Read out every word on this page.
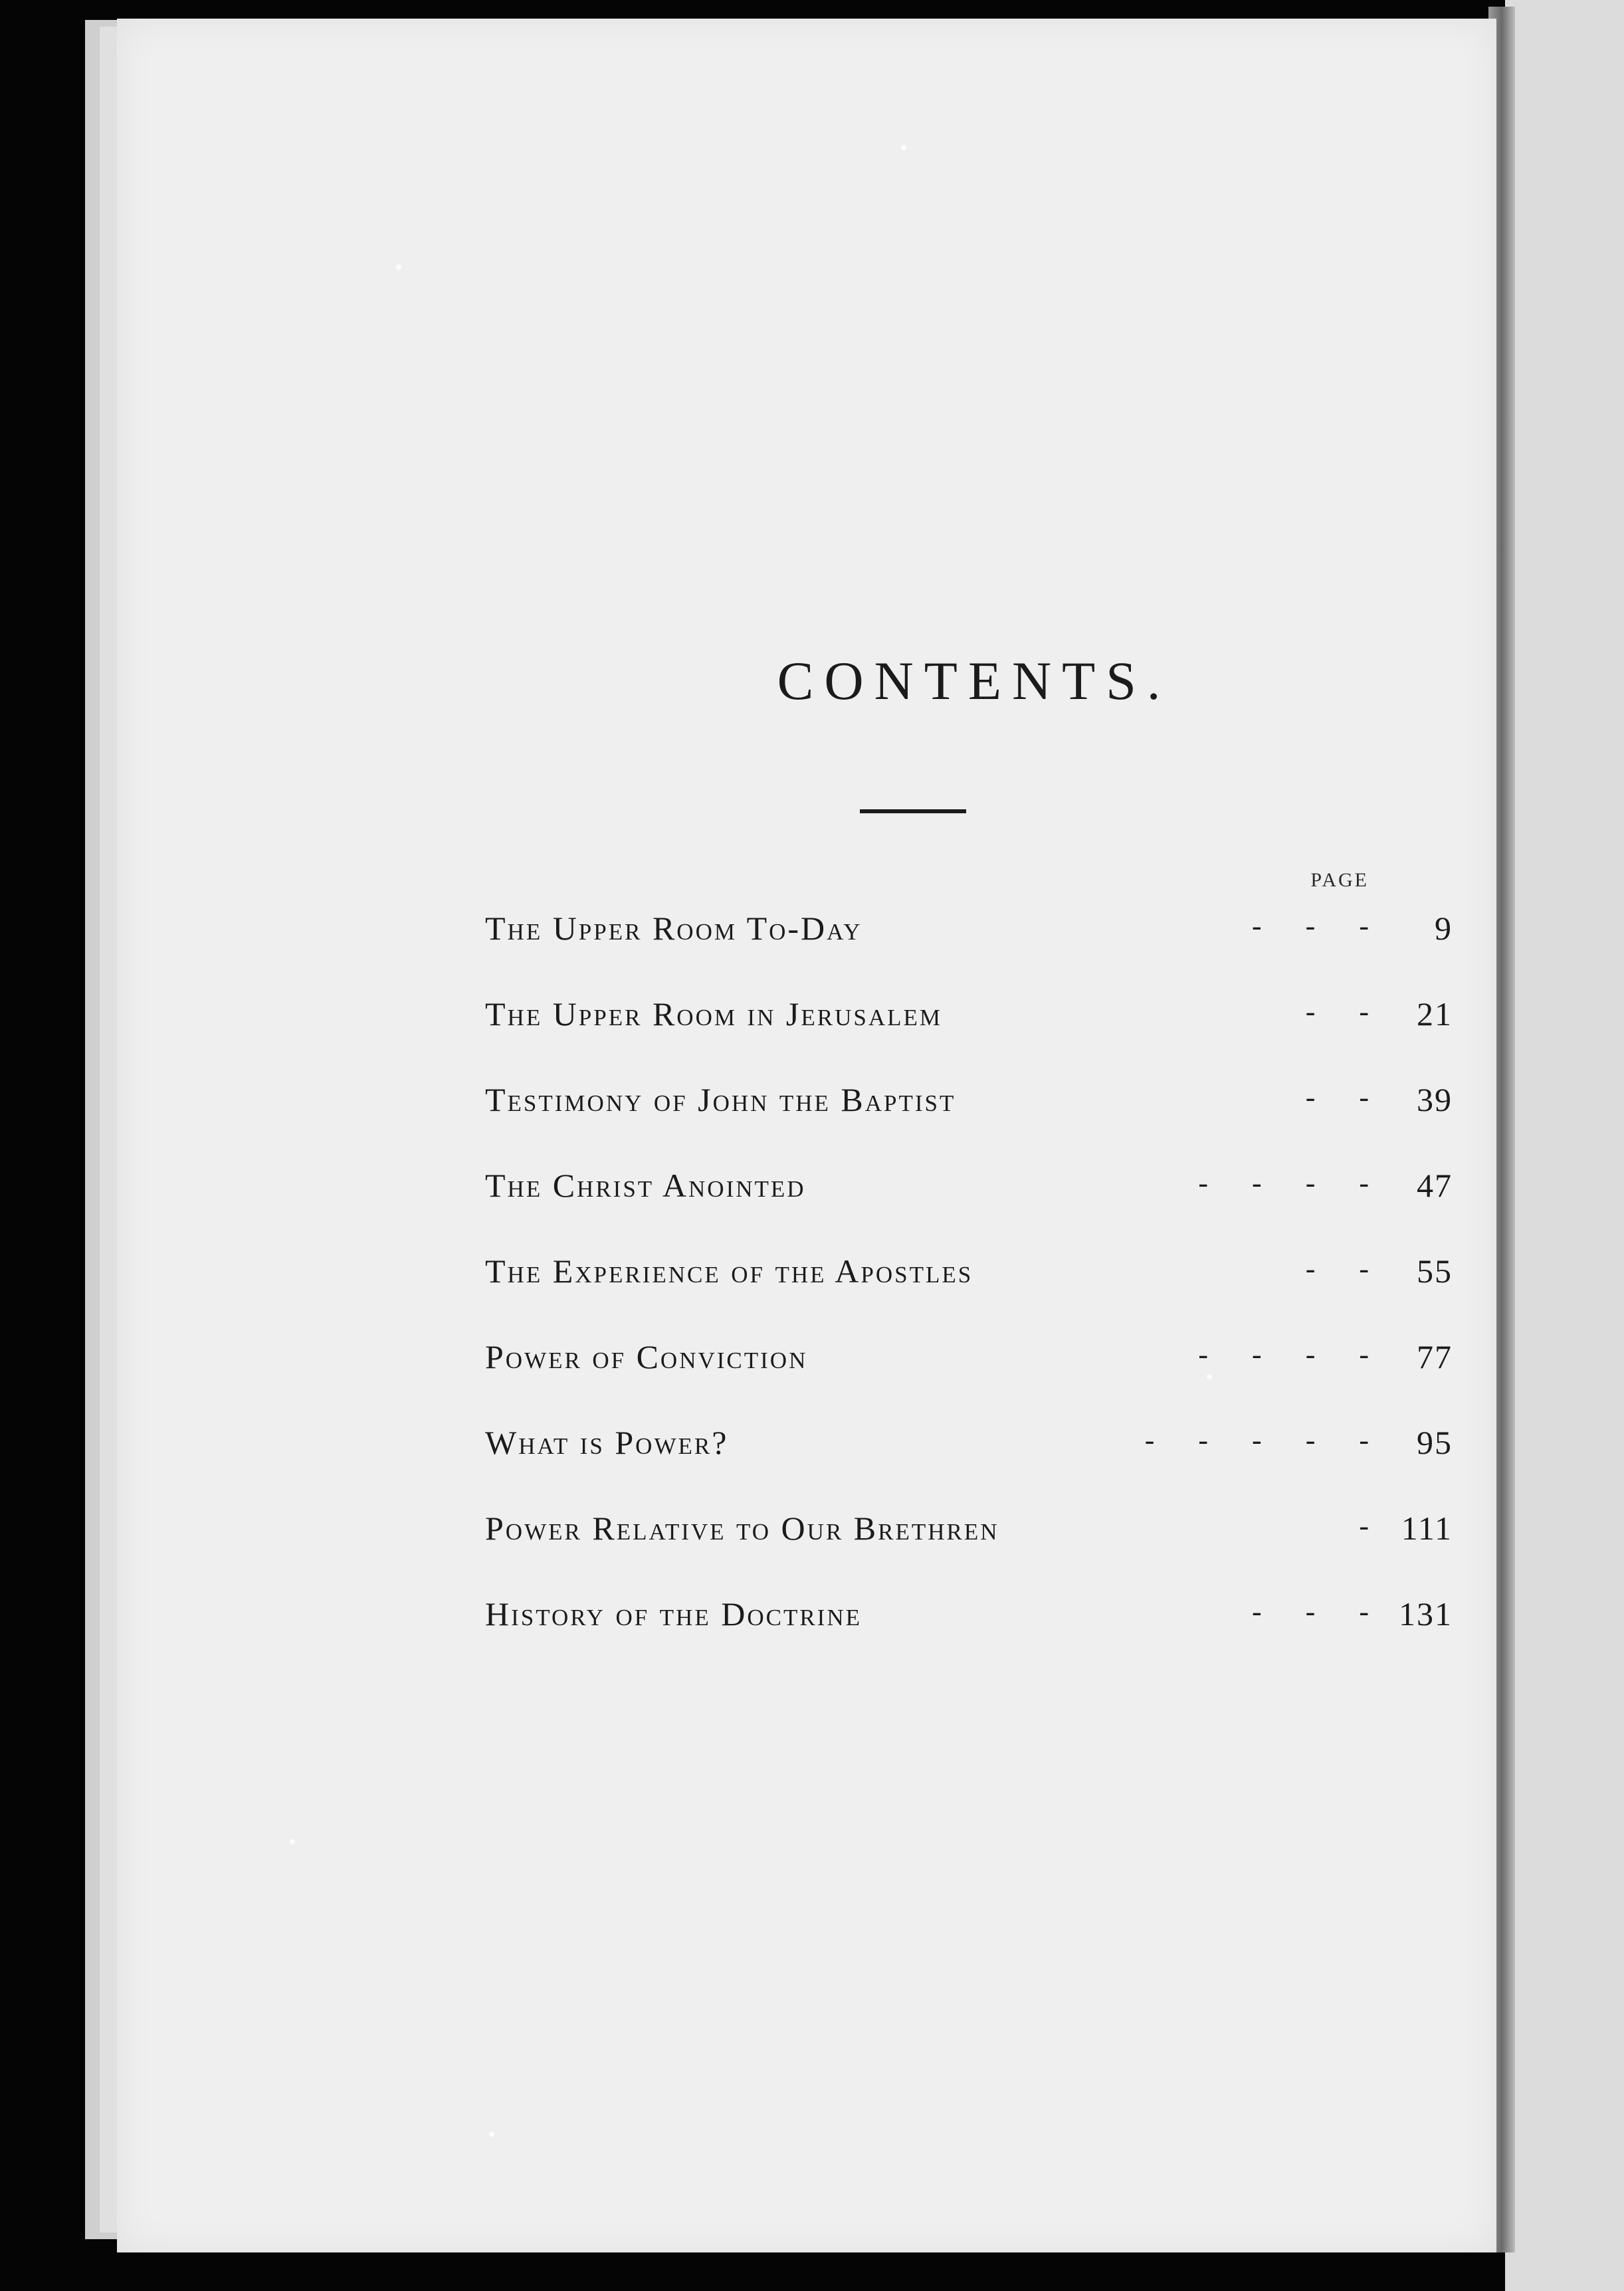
CONTENTS.
PAGE
The Upper Room To-Day	-      -      -	9
The Upper Room in Jerusalem	-      -	21
Testimony of John the Baptist	-      -	39
The Christ Anointed	-      -      -      -	47
The Experience of the Apostles	-      -	55
Power of Conviction	-      -      -      -	77
What is Power?	-      -      -      -      -	95
Power Relative to Our Brethren	- 111
History of the Doctrine	-      -      - 131
